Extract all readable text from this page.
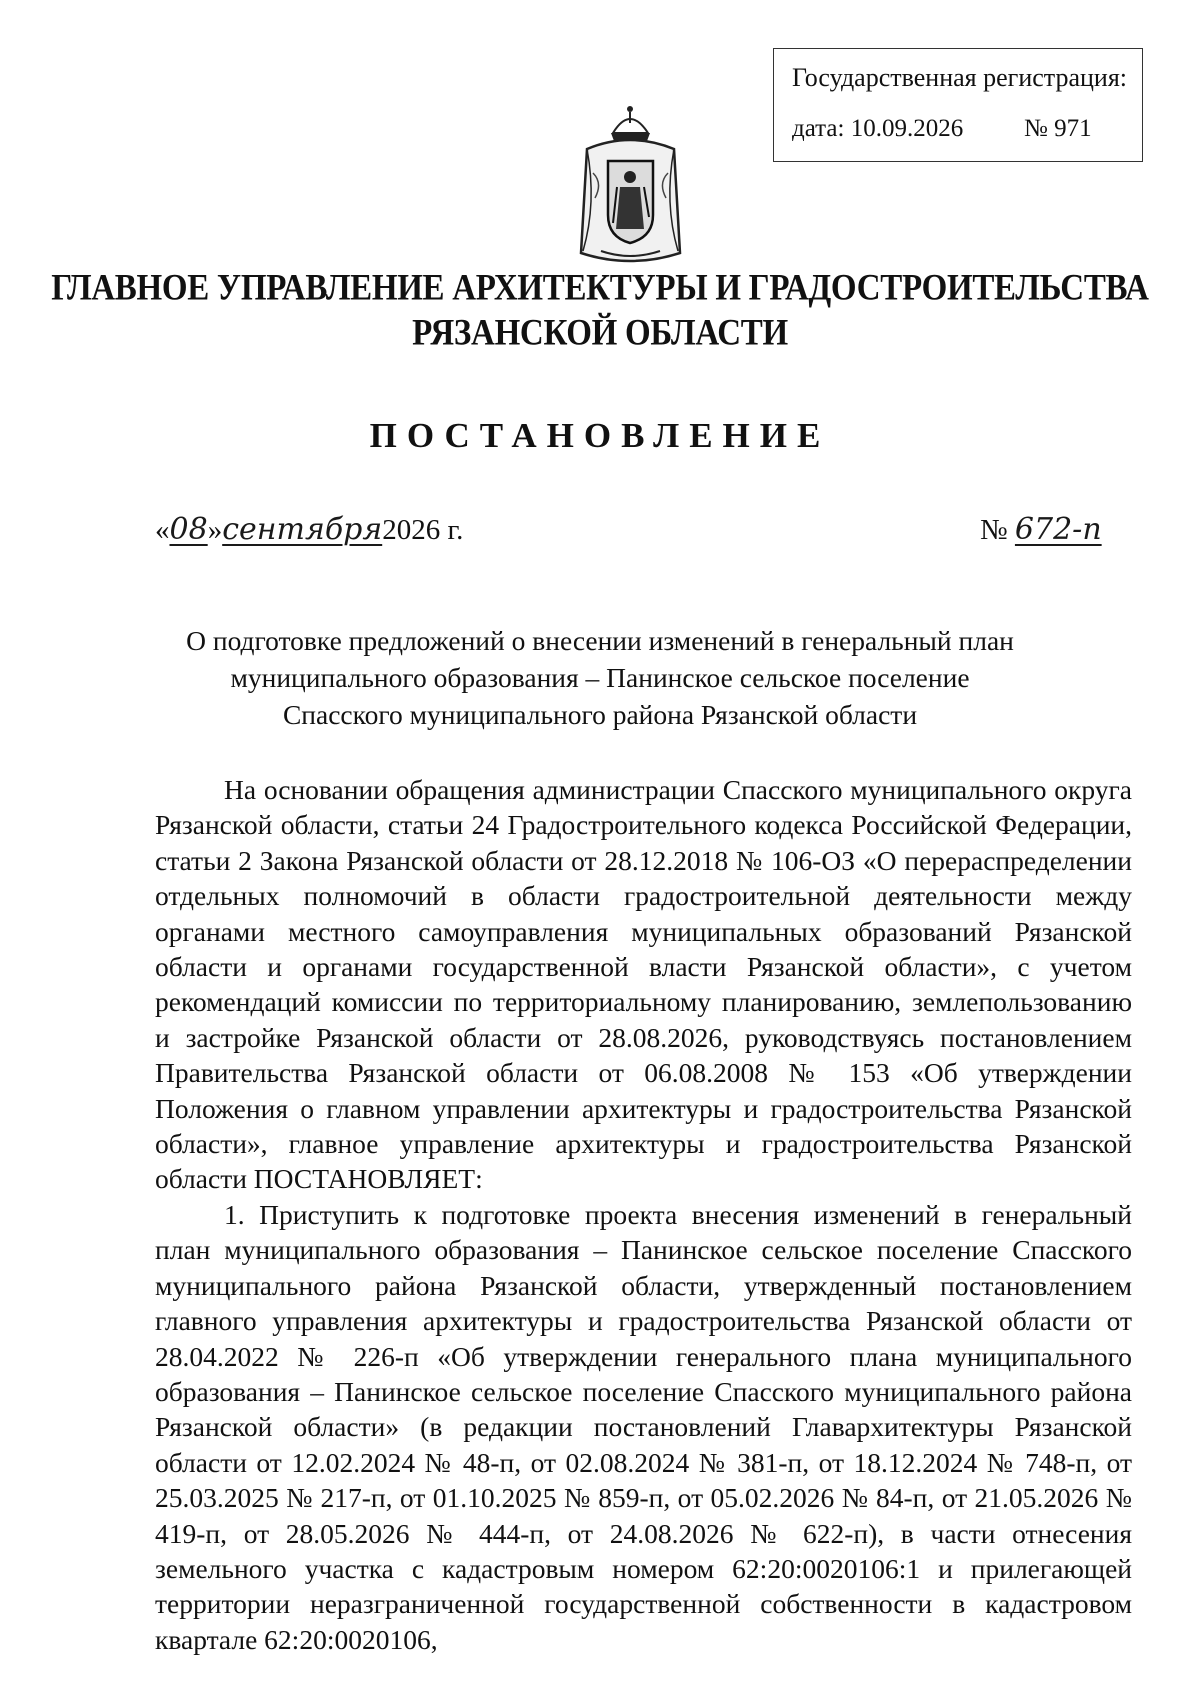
Государственная регистрация:
дата: 10.09.2026 № 971
ГЛАВНОЕ УПРАВЛЕНИЕ АРХИТЕКТУРЫ И ГРАДОСТРОИТЕЛЬСТВА
РЯЗАНСКОЙ ОБЛАСТИ
ПОСТАНОВЛЕНИЕ
«08»сентября2026 г.	№ 672-п
О подготовке предложений о внесении изменений в генеральный план
муниципального образования – Панинское сельское поселение
Спасского муниципального района Рязанской области

На основании обращения администрации Спасского муниципального округа Рязанской области, статьи 24 Градостроительного кодекса Российской Федерации, статьи 2 Закона Рязанской области от 28.12.2018 № 106-ОЗ «О перераспределении отдельных полномочий в области градостроительной деятельности между органами местного самоуправления муниципальных образований Рязанской области и органами государственной власти Рязанской области», с учетом рекомендаций комиссии по территориальному планированию, землепользованию и застройке Рязанской области от 28.08.2026, руководствуясь постановлением Правительства Рязанской области от 06.08.2008 № 153 «Об утверждении Положения о главном управлении архитектуры и градостроительства Рязанской области», главное управление архитектуры и градостроительства Рязанской области ПОСТАНОВЛЯЕТ:

1. Приступить к подготовке проекта внесения изменений в генеральный план муниципального образования – Панинское сельское поселение Спасского муниципального района Рязанской области, утвержденный постановлением главного управления архитектуры и градостроительства Рязанской области от 28.04.2022 № 226-п «Об утверждении генерального плана муниципального образования – Панинское сельское поселение Спасского муниципального района Рязанской области» (в редакции постановлений Главархитектуры Рязанской области от 12.02.2024 № 48-п, от 02.08.2024 № 381-п, от 18.12.2024 № 748-п, от 25.03.2025 № 217-п, от 01.10.2025 № 859-п, от 05.02.2026 № 84-п, от 21.05.2026 № 419-п, от 28.05.2026 № 444-п, от 24.08.2026 № 622-п), в части отнесения земельного участка с кадастровым номером 62:20:0020106:1 и прилегающей территории неразграниченной государственной собственности в кадастровом квартале 62:20:0020106,
